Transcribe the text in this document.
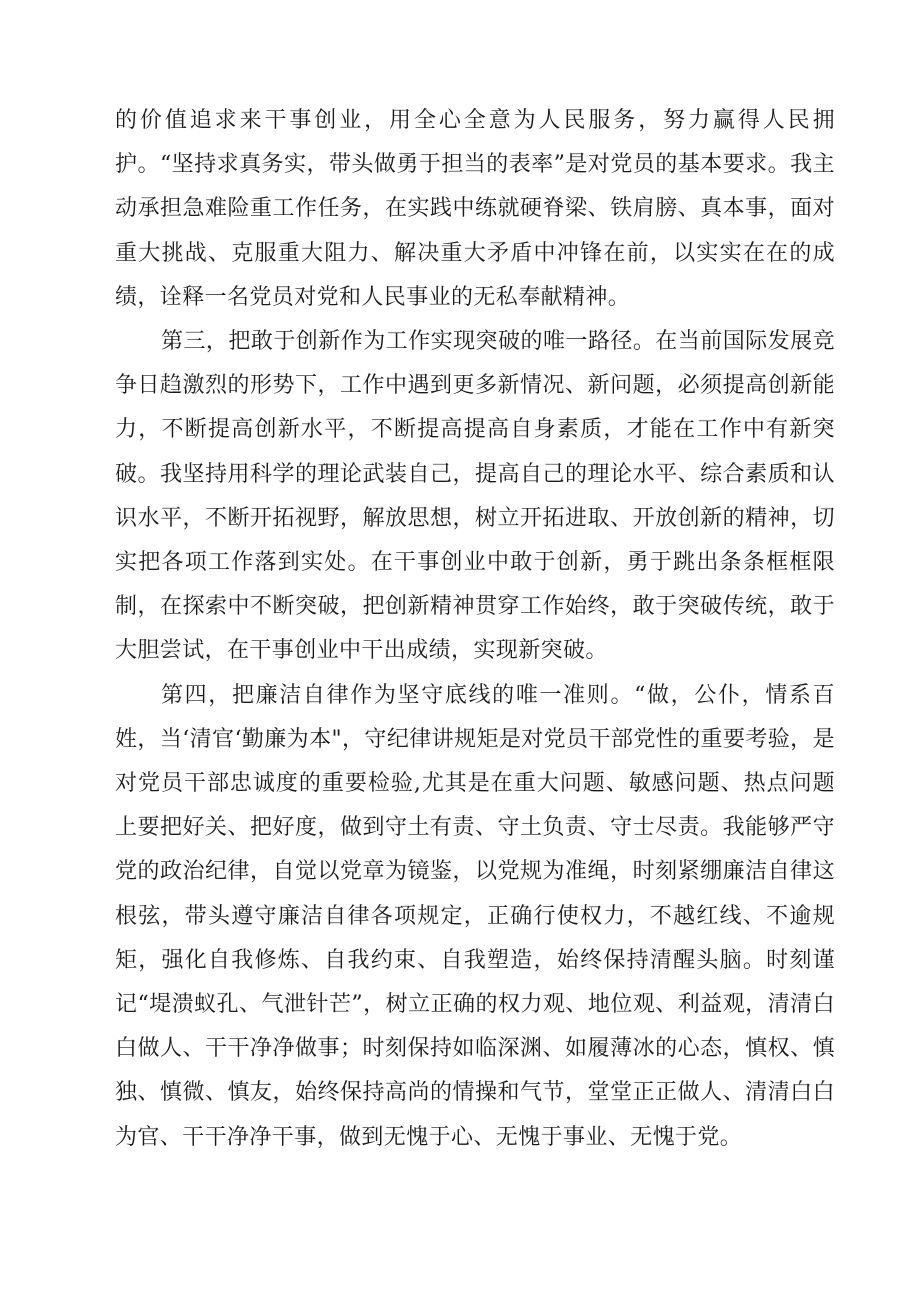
的价值追求来干事创业，用全心全意为人民服务，努力赢得人民拥护。“坚持求真务实，带头做勇于担当的表率”是对党员的基本要求。我主动承担急难险重工作任务，在实践中练就硬脊梁、铁肩膀、真本事，面对重大挑战、克服重大阻力、解决重大矛盾中冲锋在前，以实实在在的成绩，诠释一名党员对党和人民事业的无私奉献精神。

第三，把敢于创新作为工作实现突破的唯一路径。在当前国际发展竞争日趋激烈的形势下，工作中遇到更多新情况、新问题，必须提高创新能力，不断提高创新水平，不断提高提高自身素质，才能在工作中有新突破。我坚持用科学的理论武装自己，提高自己的理论水平、综合素质和认识水平，不断开拓视野，解放思想，树立开拓进取、开放创新的精神，切实把各项工作落到实处。在干事创业中敢于创新，勇于跳出条条框框限制，在探索中不断突破，把创新精神贯穿工作始终，敢于突破传统，敢于大胆尝试，在干事创业中干出成绩，实现新突破。

第四，把廉洁自律作为坚守底线的唯一准则。“做，公仆，情系百姓，当‘清官‘勤廉为本"，守纪律讲规矩是对党员干部党性的重要考验，是对党员干部忠诚度的重要检验,尤其是在重大问题、敏感问题、热点问题上要把好关、把好度，做到守土有责、守土负责、守士尽责。我能够严守党的政治纪律，自觉以党章为镜鉴，以党规为准绳，时刻紧绷廉洁自律这根弦，带头遵守廉洁自律各项规定，正确行使权力，不越红线、不逾规矩，强化自我修炼、自我约束、自我塑造，始终保持清醒头脑。时刻谨记“堤溃蚁孔、气泄针芒”，树立正确的权力观、地位观、利益观，清清白白做人、干干净净做事；时刻保持如临深渊、如履薄冰的心态，慎权、慎独、慎微、慎友，始终保持高尚的情操和气节，堂堂正正做人、清清白白为官、干干净净干事，做到无愧于心、无愧于事业、无愧于党。
